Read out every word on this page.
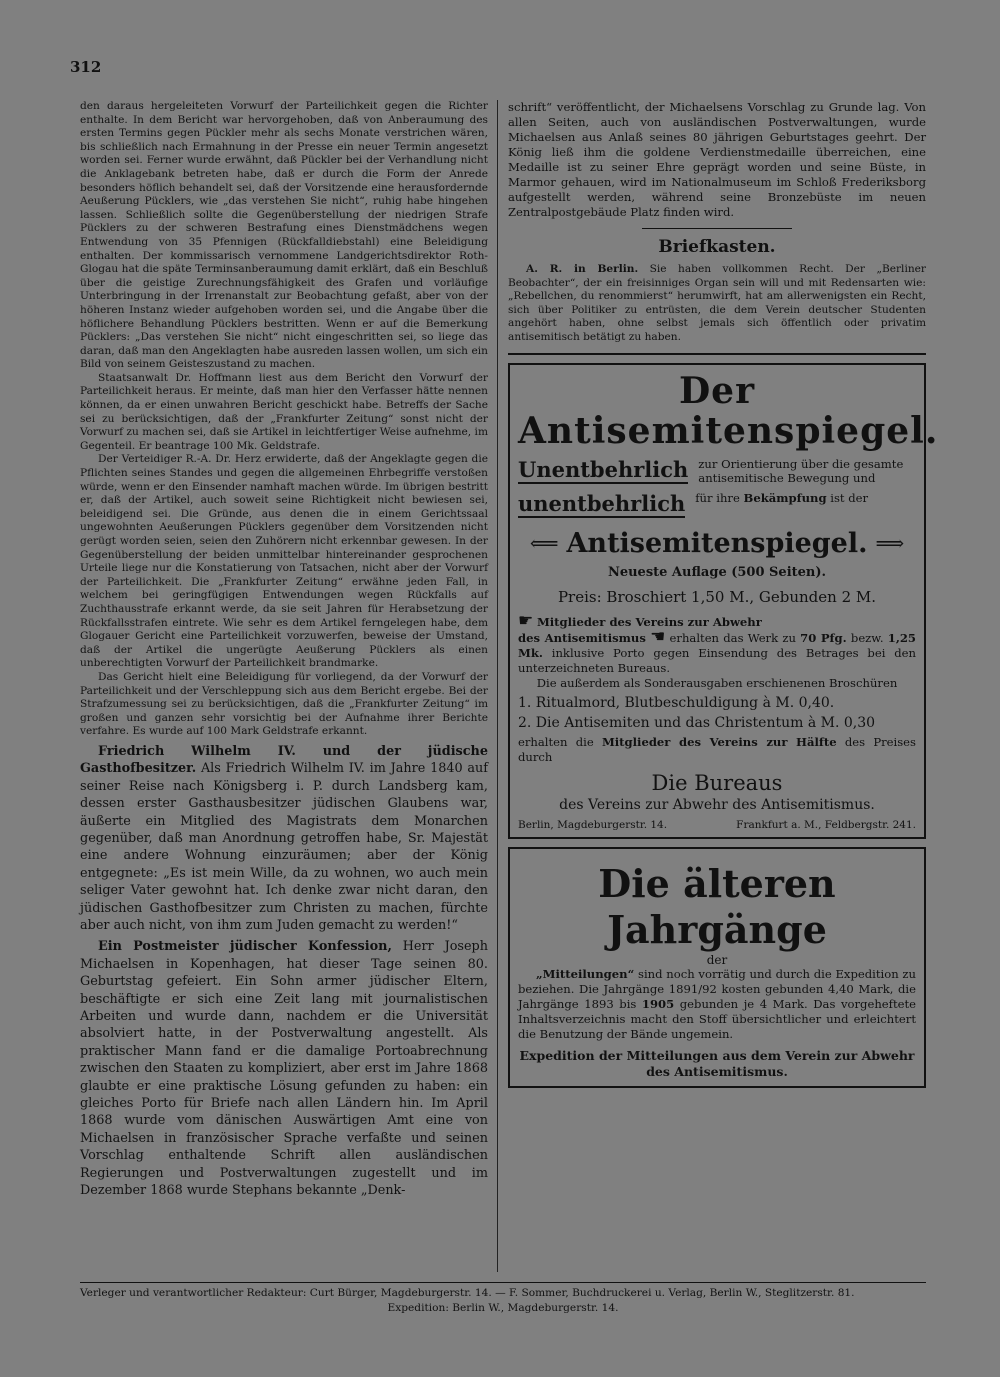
312

den daraus hergeleiteten Vorwurf der Parteilichkeit gegen die Richter enthalte. In dem Bericht war hervorgehoben, daß von Anberaumung des ersten Termins gegen Pückler mehr als sechs Monate verstrichen wären, bis schließlich nach Ermahnung in der Presse ein neuer Termin angesetzt worden sei. Ferner wurde erwähnt, daß Pückler bei der Verhandlung nicht die Anklagebank betreten habe, daß er durch die Form der Anrede besonders höflich behandelt sei, daß der Vorsitzende eine herausfordernde Aeußerung Pücklers, wie „das verstehen Sie nicht“, ruhig habe hingehen lassen. Schließlich sollte die Gegenüberstellung der niedrigen Strafe Pücklers zu der schweren Bestrafung eines Dienstmädchens wegen Entwendung von 35 Pfennigen (Rückfalldiebstahl) eine Beleidigung enthalten. Der kommissarisch vernommene Landgerichtsdirektor Roth-Glogau hat die späte Terminsanberaumung damit erklärt, daß ein Beschluß über die geistige Zurechnungsfähigkeit des Grafen und vorläufige Unterbringung in der Irrenanstalt zur Beobachtung gefaßt, aber von der höheren Instanz wieder aufgehoben worden sei, und die Angabe über die höflichere Behandlung Pücklers bestritten. Wenn er auf die Bemerkung Pücklers: „Das verstehen Sie nicht“ nicht eingeschritten sei, so liege das daran, daß man den Angeklagten habe ausreden lassen wollen, um sich ein Bild von seinem Geisteszustand zu machen.

Staatsanwalt Dr. Hoffmann liest aus dem Bericht den Vorwurf der Parteilichkeit heraus. Er meinte, daß man hier den Verfasser hätte nennen können, da er einen unwahren Bericht geschickt habe. Betreffs der Sache sei zu berücksichtigen, daß der „Frankfurter Zeitung“ sonst nicht der Vorwurf zu machen sei, daß sie Artikel in leichtfertiger Weise aufnehme, im Gegenteil. Er beantrage 100 Mk. Geldstrafe.

Der Verteidiger R.-A. Dr. Herz erwiderte, daß der Angeklagte gegen die Pflichten seines Standes und gegen die allgemeinen Ehrbegriffe verstoßen würde, wenn er den Einsender namhaft machen würde. Im übrigen bestritt er, daß der Artikel, auch soweit seine Richtigkeit nicht bewiesen sei, beleidigend sei. Die Gründe, aus denen die in einem Gerichtssaal ungewohnten Aeußerungen Pücklers gegenüber dem Vorsitzenden nicht gerügt worden seien, seien den Zuhörern nicht erkennbar gewesen. In der Gegenüberstellung der beiden unmittelbar hintereinander gesprochenen Urteile liege nur die Konstatierung von Tatsachen, nicht aber der Vorwurf der Parteilichkeit. Die „Frankfurter Zeitung“ erwähne jeden Fall, in welchem bei geringfügigen Entwendungen wegen Rückfalls auf Zuchthausstrafe erkannt werde, da sie seit Jahren für Herabsetzung der Rückfallsstrafen eintrete. Wie sehr es dem Artikel ferngelegen habe, dem Glogauer Gericht eine Parteilichkeit vorzuwerfen, beweise der Umstand, daß der Artikel die ungerügte Aeußerung Pücklers als einen unberechtigten Vorwurf der Parteilichkeit brandmarke.

Das Gericht hielt eine Beleidigung für vorliegend, da der Vorwurf der Parteilichkeit und der Verschleppung sich aus dem Bericht ergebe. Bei der Strafzumessung sei zu berücksichtigen, daß die „Frankfurter Zeitung“ im großen und ganzen sehr vorsichtig bei der Aufnahme ihrer Berichte verfahre. Es wurde auf 100 Mark Geldstrafe erkannt.

Friedrich Wilhelm IV. und der jüdische Gasthofbesitzer. Als Friedrich Wilhelm IV. im Jahre 1840 auf seiner Reise nach Königsberg i. P. durch Landsberg kam, dessen erster Gasthausbesitzer jüdischen Glaubens war, äußerte ein Mitglied des Magistrats dem Monarchen gegenüber, daß man Anordnung getroffen habe, Sr. Majestät eine andere Wohnung einzuräumen; aber der König entgegnete: „Es ist mein Wille, da zu wohnen, wo auch mein seliger Vater gewohnt hat. Ich denke zwar nicht daran, den jüdischen Gasthofbesitzer zum Christen zu machen, fürchte aber auch nicht, von ihm zum Juden gemacht zu werden!“

Ein Postmeister jüdischer Konfession, Herr Joseph Michaelsen in Kopenhagen, hat dieser Tage seinen 80. Geburtstag gefeiert. Ein Sohn armer jüdischer Eltern, beschäftigte er sich eine Zeit lang mit journalistischen Arbeiten und wurde dann, nachdem er die Universität absolviert hatte, in der Postverwaltung angestellt. Als praktischer Mann fand er die damalige Portoabrechnung zwischen den Staaten zu kompliziert, aber erst im Jahre 1868 glaubte er eine praktische Lösung gefunden zu haben: ein gleiches Porto für Briefe nach allen Ländern hin. Im April 1868 wurde vom dänischen Auswärtigen Amt eine von Michaelsen in französischer Sprache verfaßte und seinen Vorschlag enthaltende Schrift allen ausländischen Regierungen und Postverwaltungen zugestellt und im Dezember 1868 wurde Stephans bekannte „Denk-

schrift“ veröffentlicht, der Michaelsens Vorschlag zu Grunde lag. Von allen Seiten, auch von ausländischen Postverwaltungen, wurde Michaelsen aus Anlaß seines 80 jährigen Geburtstages geehrt. Der König ließ ihm die goldene Verdienstmedaille überreichen, eine Medaille ist zu seiner Ehre geprägt worden und seine Büste, in Marmor gehauen, wird im Nationalmuseum im Schloß Frederiksborg aufgestellt werden, während seine Bronzebüste im neuen Zentralpostgebäude Platz finden wird.

Briefkasten.

A. R. in Berlin. Sie haben vollkommen Recht. Der „Berliner Beobachter“, der ein freisinniges Organ sein will und mit Redensarten wie: „Rebellchen, du renommierst“ herumwirft, hat am allerwenigsten ein Recht, sich über Politiker zu entrüsten, die dem Verein deutscher Studenten angehört haben, ohne selbst jemals sich öffentlich oder privatim antisemitisch betätigt zu haben.

Der Antisemitenspiegel.
Unentbehrlich zur Orientierung über die gesamte antisemitische Bewegung und
unentbehrlich für ihre Bekämpfung ist der
⟸ Antisemitenspiegel. ⟹
Neueste Auflage (500 Seiten).
Preis: Broschiert 1,50 M., Gebunden 2 M.

☛ Mitglieder des Vereins zur Abwehr
des Antisemitismus ☚ erhalten das Werk zu 70 Pfg. bezw. 1,25 Mk. inklusive Porto gegen Einsendung des Betrages bei den unterzeichneten Bureaus.

Die außerdem als Sonderausgaben erschienenen Broschüren

1. Ritualmord, Blutbeschuldigung à M. 0,40.
2. Die Antisemiten und das Christentum à M. 0,30

erhalten die Mitglieder des Vereins zur Hälfte des Preises durch

Die Bureaus
des Vereins zur Abwehr des Antisemitismus.
Berlin, Magdeburgerstr. 14.	Frankfurt a. M., Feldbergstr. 241.
Die älteren Jahrgänge
der

„Mitteilungen“ sind noch vorrätig und durch die Expedition zu beziehen. Die Jahrgänge 1891/92 kosten gebunden 4,40 Mark, die Jahrgänge 1893 bis 1905 gebunden je 4 Mark. Das vorgeheftete Inhaltsverzeichnis macht den Stoff übersichtlicher und erleichtert die Benutzung der Bände ungemein.

Expedition der Mitteilungen aus dem Verein zur Abwehr des Antisemitismus.
Verleger und verantwortlicher Redakteur: Curt Bürger, Magdeburgerstr. 14. — F. Sommer, Buchdruckerei u. Verlag, Berlin W., Steglitzerstr. 81.
Expedition: Berlin W., Magdeburgerstr. 14.
